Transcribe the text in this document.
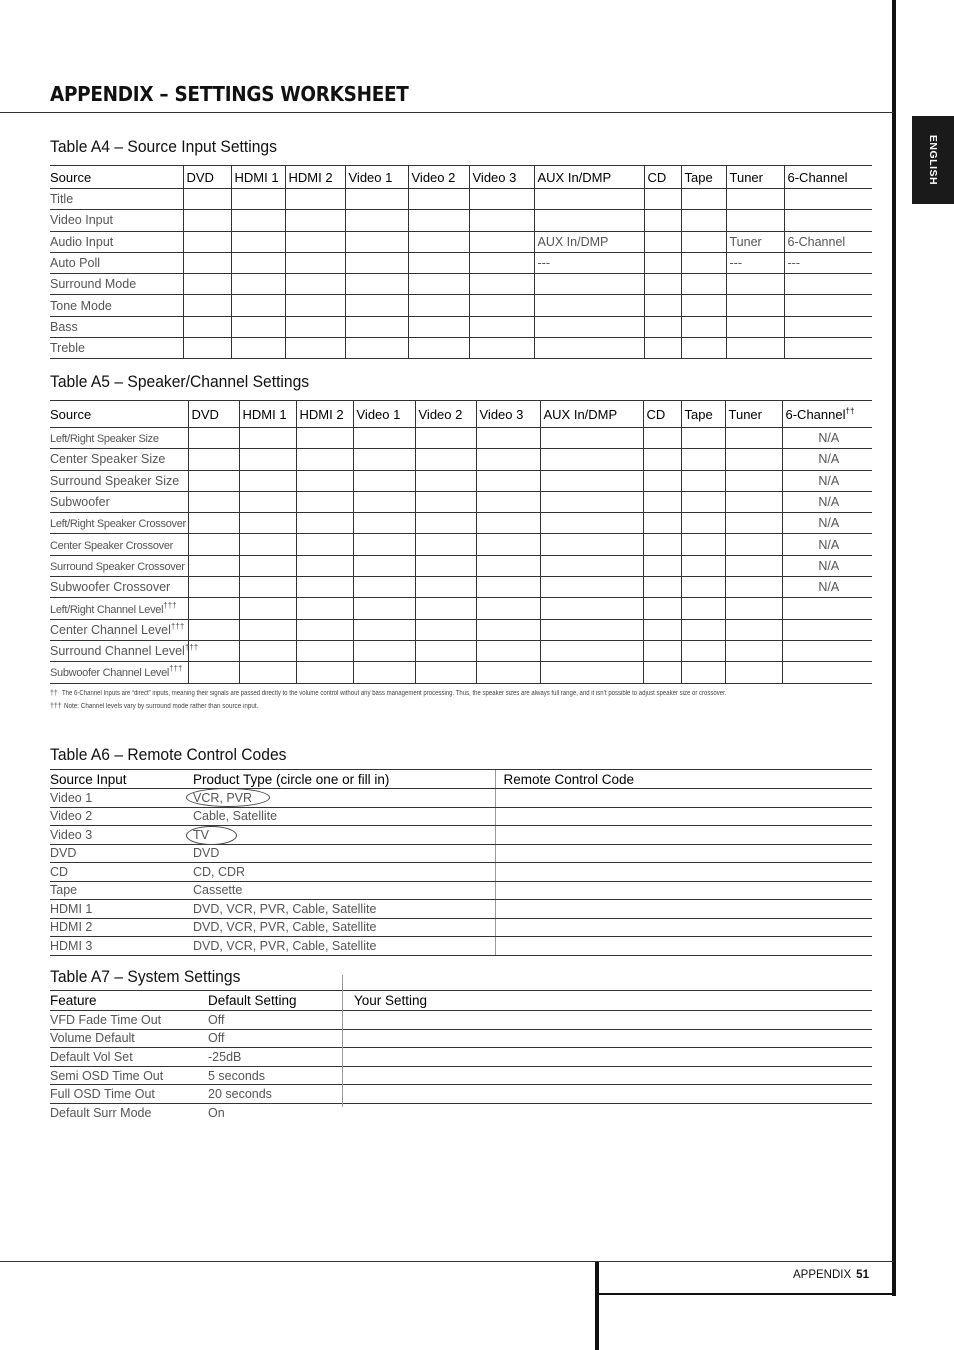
ENGLISH
APPENDIX – SETTINGS WORKSHEET
Table A4 – Source Input Settings
Source	DVD	HDMI 1	HDMI 2	Video 1	Video 2	Video 3	AUX In/DMP	CD	Tape	Tuner	6-Channel
Title											
Video Input											
Audio Input							AUX In/DMP			Tuner	6-Channel
Auto Poll							---			---	---
Surround Mode											
Tone Mode											
Bass											
Treble											
Table A5 – Speaker/Channel Settings
Source	DVD	HDMI 1	HDMI 2	Video 1	Video 2	Video 3	AUX In/DMP	CD	Tape	Tuner	6-Channel††
Left/Right Speaker Size											N/A
Center Speaker Size											N/A
Surround Speaker Size											N/A
Subwoofer											N/A
Left/Right Speaker Crossover											N/A
Center Speaker Crossover											N/A
Surround Speaker Crossover											N/A
Subwoofer Crossover											N/A
Left/Right Channel Level†††											
Center Channel Level†††											
Surround Channel Level†††											
Subwoofer Channel Level†††											
†† The 6-Channel Inputs are “direct” inputs, meaning their signals are passed directly to the volume control without any bass management processing. Thus, the speaker sizes are always full range, and it isn’t possible to adjust speaker size or crossover.
††† Note: Channel levels vary by surround mode rather than source input.
Table A6 – Remote Control Codes
Source Input	Product Type (circle one or fill in)	Remote Control Code
Video 1	VCR, PVR	
Video 2	Cable, Satellite	
Video 3	TV	
DVD	DVD	
CD	CD, CDR	
Tape	Cassette	
HDMI 1	DVD, VCR, PVR, Cable, Satellite	
HDMI 2	DVD, VCR, PVR, Cable, Satellite	
HDMI 3	DVD, VCR, PVR, Cable, Satellite	
Table A7 – System Settings
Feature	Default Setting	Your Setting
VFD Fade Time Out	Off	
Volume Default	Off	
Default Vol Set	-25dB	
Semi OSD Time Out	5 seconds	
Full OSD Time Out	20 seconds	
Default Surr Mode	On	
APPENDIX 51
